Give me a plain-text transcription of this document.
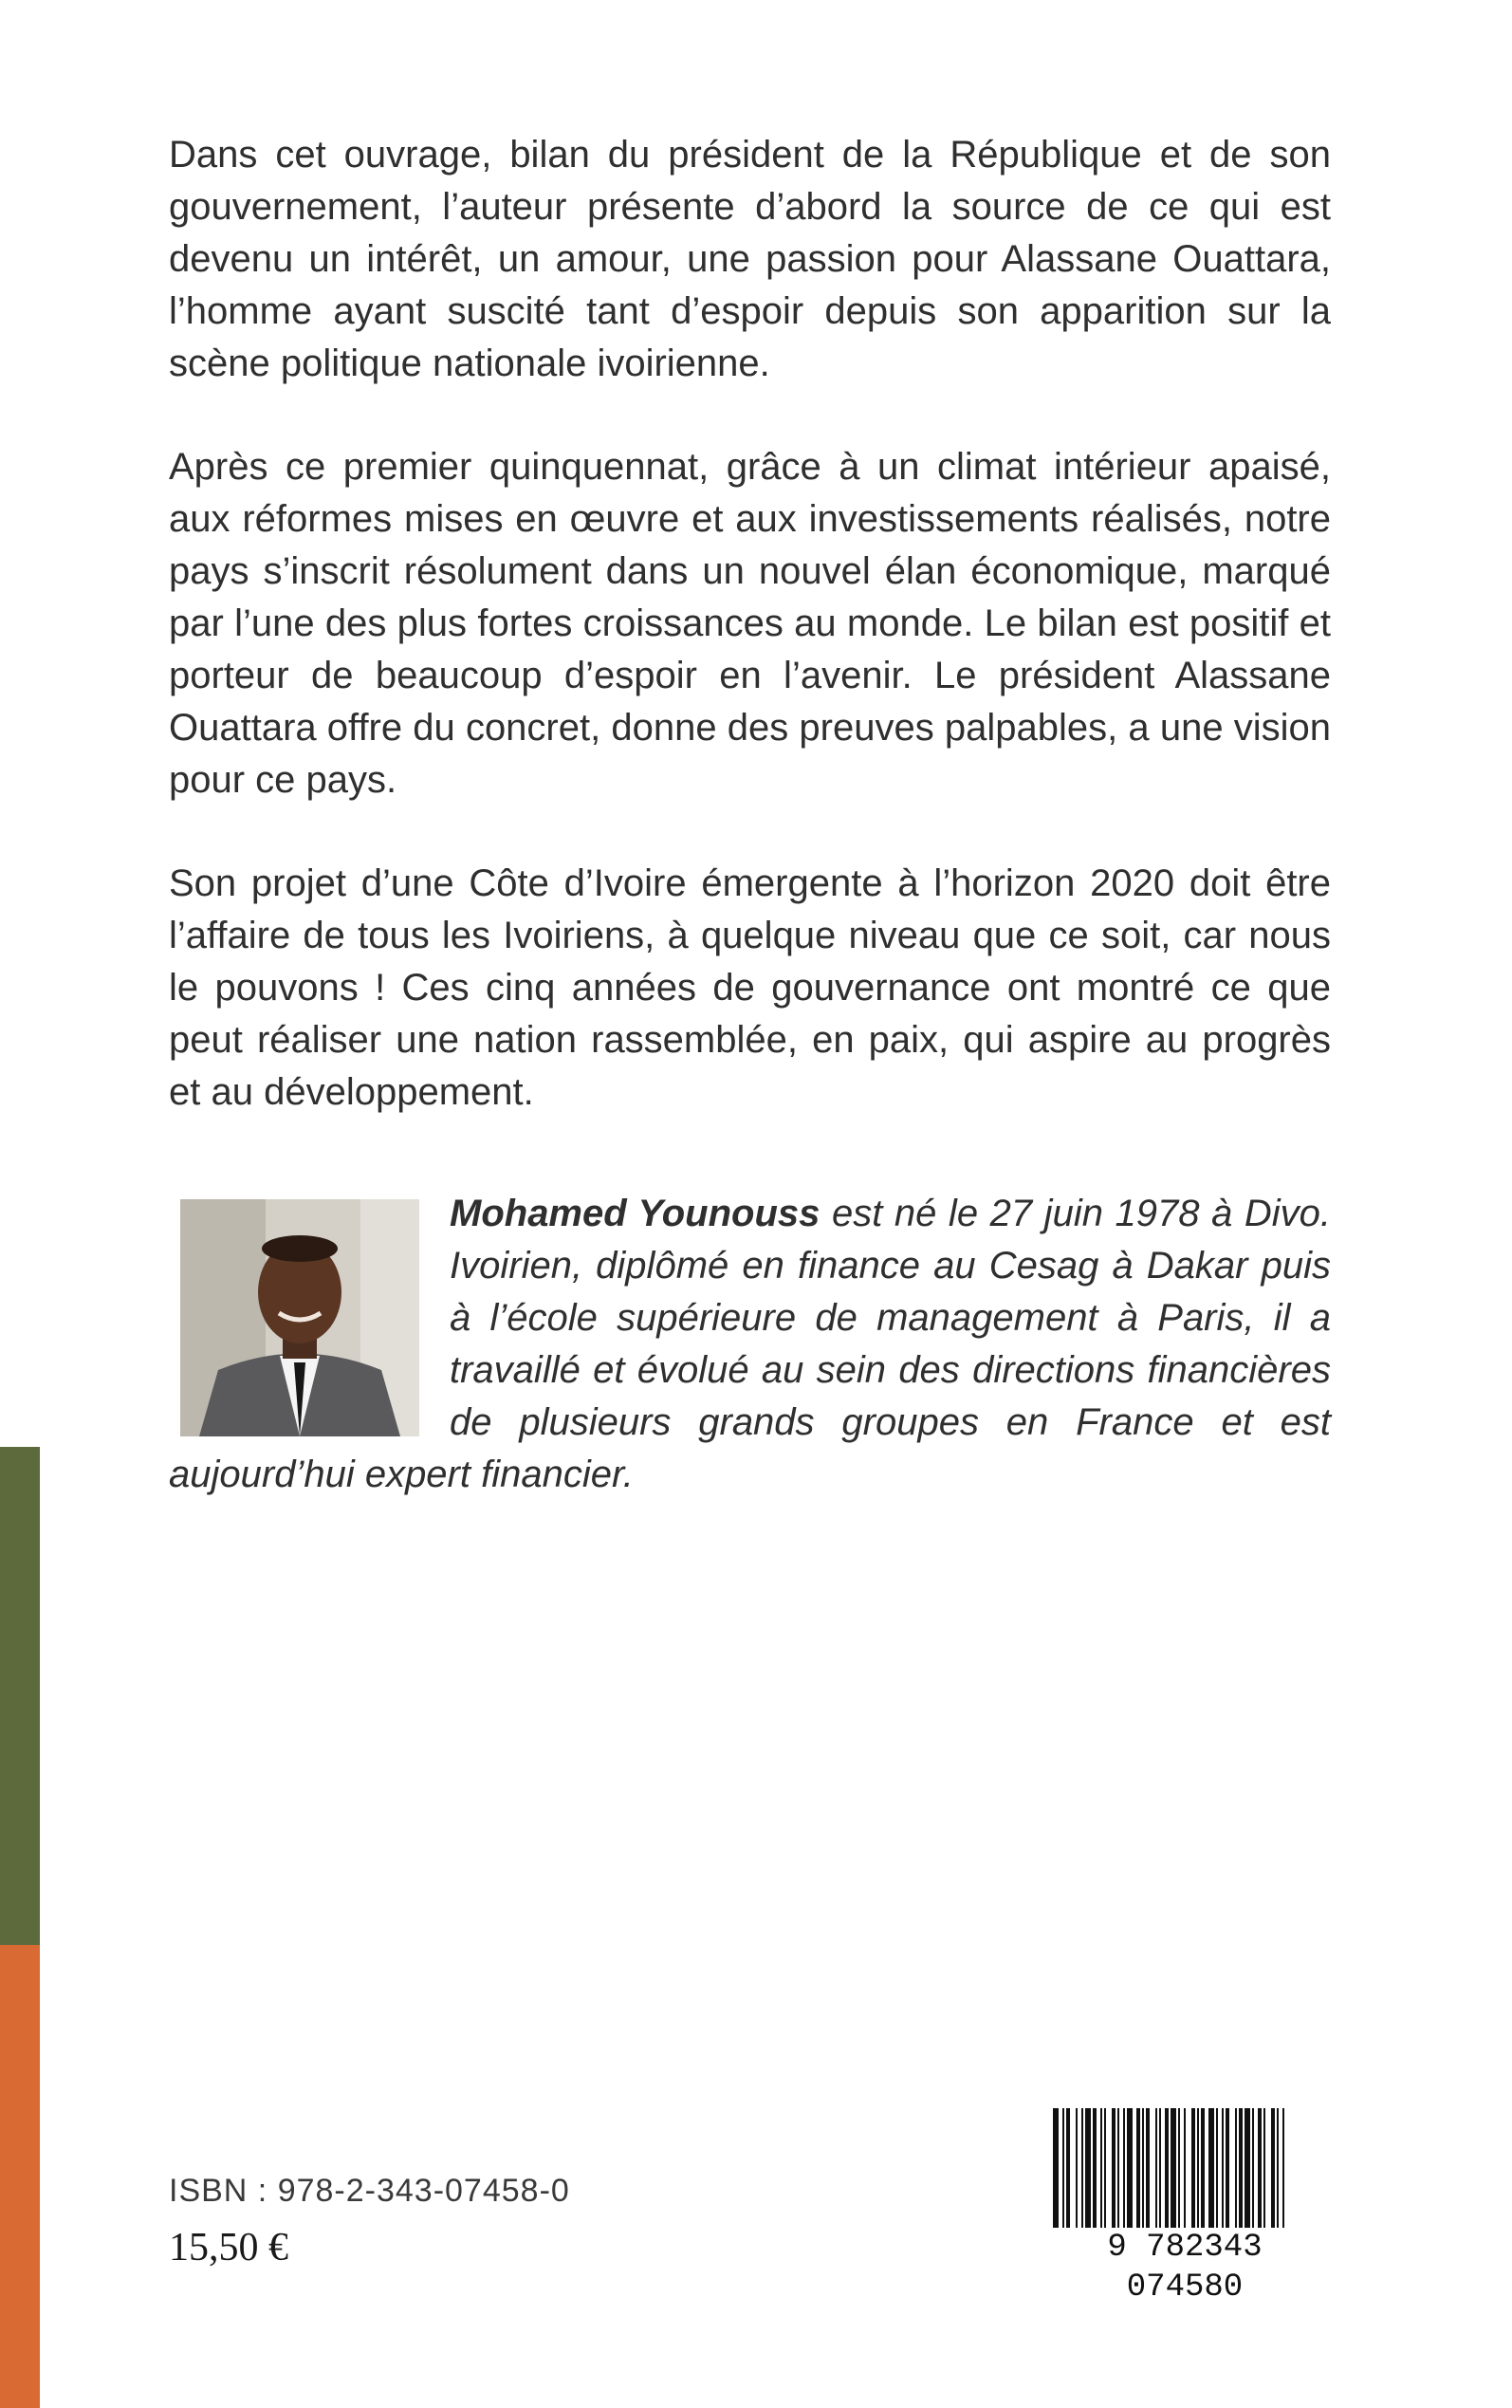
Dans cet ouvrage, bilan du président de la République et de son gouvernement, l’auteur présente d’abord la source de ce qui est devenu un intérêt, un amour, une passion pour Alassane Ouattara, l’homme ayant suscité tant d’espoir depuis son apparition sur la scène politique nationale ivoirienne.

Après ce premier quinquennat, grâce à un climat intérieur apaisé, aux réformes mises en œuvre et aux investissements réalisés, notre pays s’inscrit résolument dans un nouvel élan économique, marqué par l’une des plus fortes croissances au monde. Le bilan est positif et porteur de beaucoup d’espoir en l’avenir. Le président Alassane Ouattara offre du concret, donne des preuves palpables, a une vision pour ce pays.

Son projet d’une Côte d’Ivoire émergente à l’horizon 2020 doit être l’affaire de tous les Ivoiriens, à quelque niveau que ce soit, car nous le pouvons ! Ces cinq années de gouvernance ont montré ce que peut réaliser une nation rassemblée, en paix, qui aspire au progrès et au développement.

Mohamed Younouss est né le 27 juin 1978 à Divo. Ivoirien, diplômé en finance au Cesag à Dakar puis à l’école supérieure de management à Paris, il a travaillé et évolué au sein des directions financières de plusieurs grands groupes en France et est aujourd’hui expert financier.

ISBN : 978-2-343-07458-0
15,50 €	9 782343 074580
